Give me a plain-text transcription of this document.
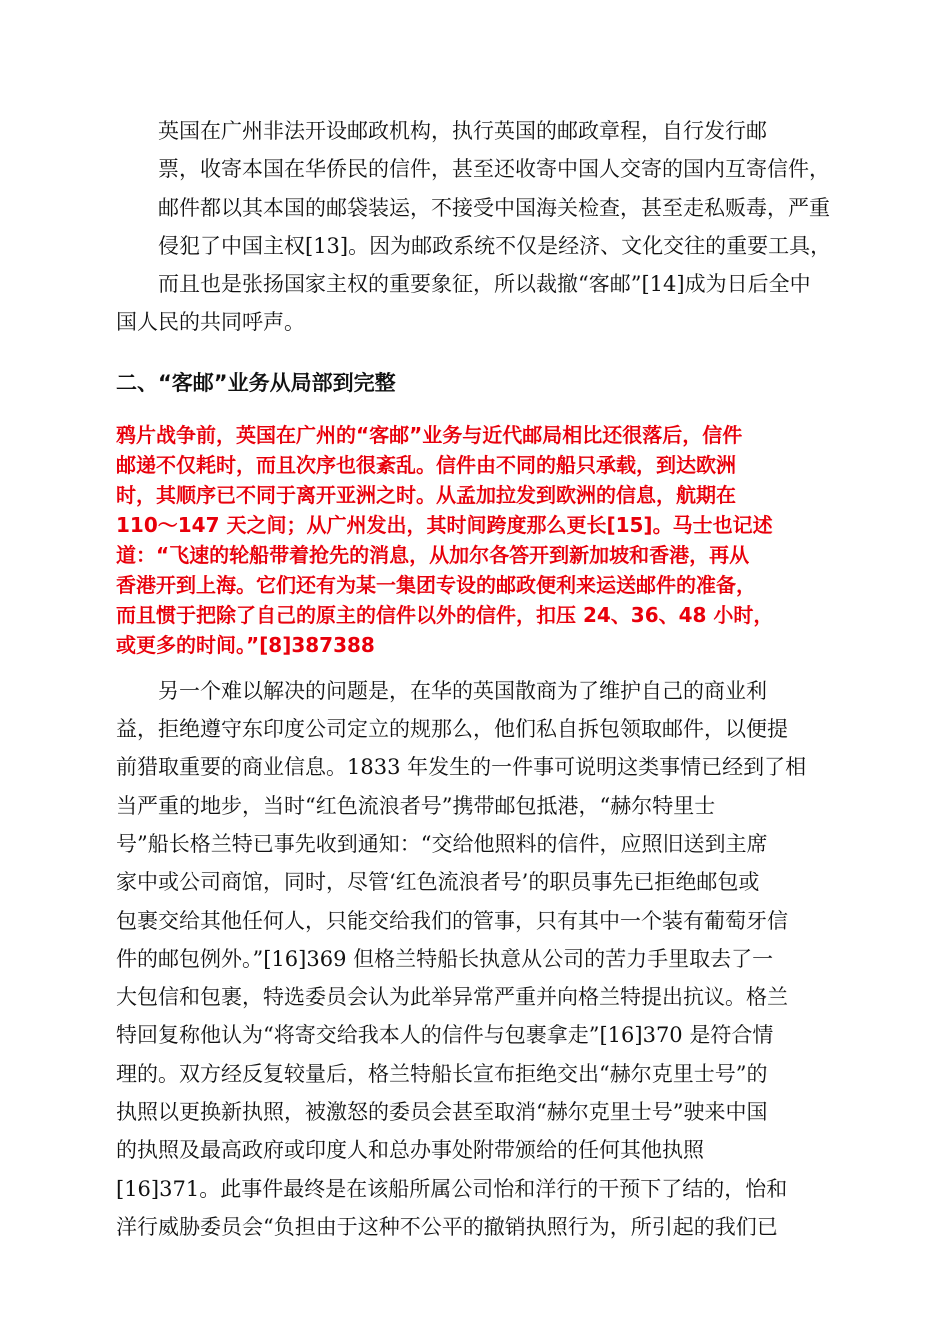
英国在广州非法开设邮政机构，执行英国的邮政章程，自行发行邮
票，收寄本国在华侨民的信件，甚至还收寄中国人交寄的国内互寄信件，
邮件都以其本国的邮袋装运，不接受中国海关检查，甚至走私贩毒，严重
侵犯了中国主权[13]。因为邮政系统不仅是经济、文化交往的重要工具，
而且也是张扬国家主权的重要象征，所以裁撤“客邮”[14]成为日后全中
国人民的共同呼声。

二、“客邮”业务从局部到完整

鸦片战争前，英国在广州的“客邮”业务与近代邮局相比还很落后，信件
邮递不仅耗时，而且次序也很紊乱。信件由不同的船只承载，到达欧洲
时，其顺序已不同于离开亚洲之时。从孟加拉发到欧洲的信息，航期在
110～147 天之间；从广州发出，其时间跨度那么更长[15]。马士也记述
道：“飞速的轮船带着抢先的消息，从加尔各答开到新加坡和香港，再从
香港开到上海。它们还有为某一集团专设的邮政便利来运送邮件的准备，
而且惯于把除了自己的原主的信件以外的信件，扣压 24、36、48 小时，
或更多的时间。”[8]387388

另一个难以解决的问题是，在华的英国散商为了维护自己的商业利
益，拒绝遵守东印度公司定立的规那么，他们私自拆包领取邮件，以便提
前猎取重要的商业信息。1833 年发生的一件事可说明这类事情已经到了相
当严重的地步，当时“红色流浪者号”携带邮包抵港，“赫尔特里士
号”船长格兰特已事先收到通知：“交给他照料的信件，应照旧送到主席
家中或公司商馆，同时，尽管‘红色流浪者号’的职员事先已拒绝邮包或
包裹交给其他任何人，只能交给我们的管事，只有其中一个装有葡萄牙信
件的邮包例外。”[16]369 但格兰特船长执意从公司的苦力手里取去了一
大包信和包裹，特选委员会认为此举异常严重并向格兰特提出抗议。格兰
特回复称他认为“将寄交给我本人的信件与包裹拿走”[16]370 是符合情
理的。双方经反复较量后，格兰特船长宣布拒绝交出“赫尔克里士号”的
执照以更换新执照，被激怒的委员会甚至取消“赫尔克里士号”驶来中国
的执照及最高政府或印度人和总办事处附带颁给的任何其他执照
[16]371。此事件最终是在该船所属公司怡和洋行的干预下了结的，怡和
洋行威胁委员会“负担由于这种不公平的撤销执照行为，所引起的我们已
